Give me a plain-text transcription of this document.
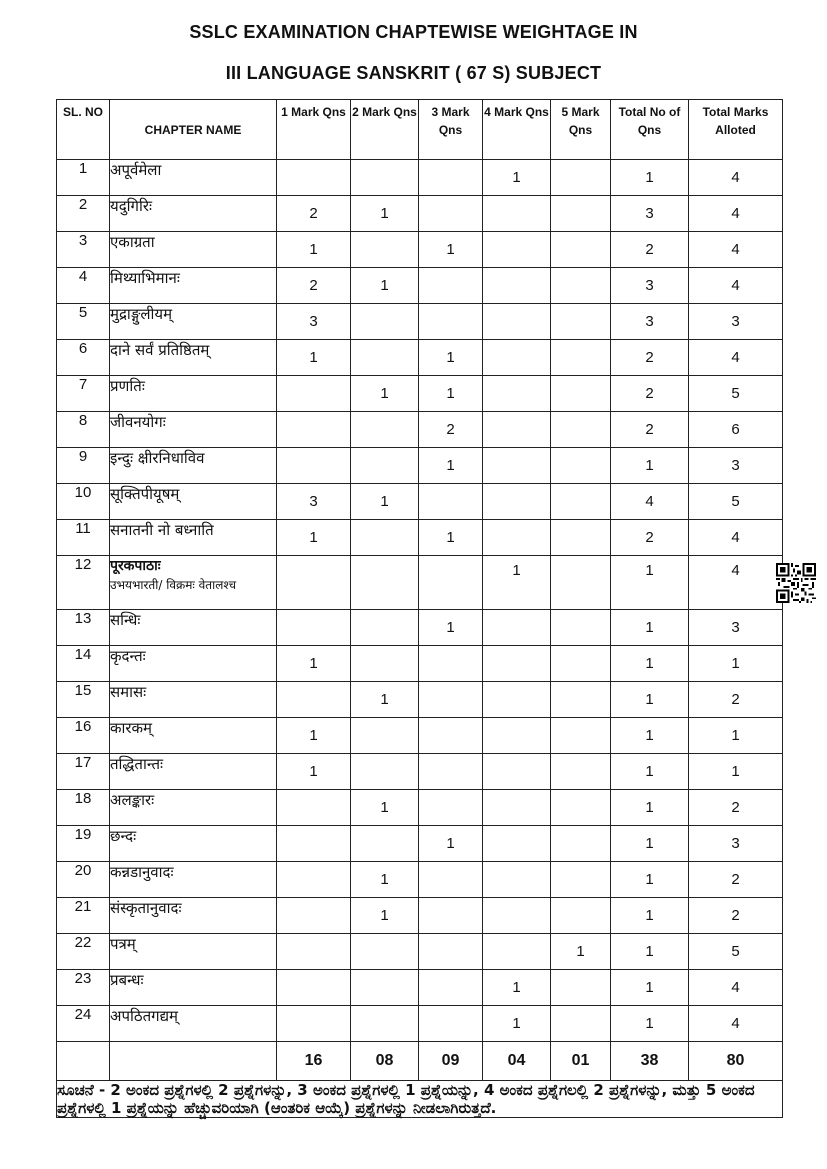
SSLC EXAMINATION CHAPTEWISE WEIGHTAGE IN
III LANGUAGE SANSKRIT ( 67 S) SUBJECT
SL. NO	CHAPTER NAME	1 Mark Qns	2 Mark Qns	3 Mark Qns	4 Mark Qns	5 Mark Qns	Total No of Qns	Total Marks Alloted
1	अपूर्वमेला				1		1	4
2	यदुगिरिः	2	1				3	4
3	एकाग्रता	1		1			2	4
4	मिथ्याभिमानः	2	1				3	4
5	मुद्राङ्गुलीयम्	3					3	3
6	दाने सर्वं प्रतिष्ठितम्	1		1			2	4
7	प्रणतिः		1	1			2	5
8	जीवनयोगः			2			2	6
9	इन्दुः क्षीरनिधाविव			1			1	3
10	सूक्तिपीयूषम्	3	1				4	5
11	सनातनी नो बध्नाति	1		1			2	4
12	पूरकपाठाः
उभयभारती/ विक्रमः वेतालश्च				1		1	4
13	सन्धिः			1			1	3
14	कृदन्तः	1					1	1
15	समासः		1				1	2
16	कारकम्	1					1	1
17	तद्धितान्तः	1					1	1
18	अलङ्कारः		1				1	2
19	छन्दः			1			1	3
20	कन्नडानुवादः		1				1	2
21	संस्कृतानुवादः		1				1	2
22	पत्रम्					1	1	5
23	प्रबन्धः				1		1	4
24	अपठितगद्यम्				1		1	4
		16	08	09	04	01	38	80
ಸೂಚನೆ - 2 ಅಂಕದ ಪ್ರಶ್ನೆಗಳಲ್ಲಿ 2 ಪ್ರಶ್ನೆಗಳನ್ನು, 3 ಅಂಕದ ಪ್ರಶ್ನೆಗಳಲ್ಲಿ 1 ಪ್ರಶ್ನೆಯನ್ನು, 4 ಅಂಕದ ಪ್ರಶ್ನೆಗಲಲ್ಲಿ 2 ಪ್ರಶ್ನೆಗಳನ್ನು, ಮತ್ತು 5 ಅಂಕದ ಪ್ರಶ್ನೆಗಳಲ್ಲಿ 1 ಪ್ರಶ್ನೆಯನ್ನು ಹೆಚ್ಚುವರಿಯಾಗಿ (ಆಂತರಿಕ ಆಯ್ಕೆ) ಪ್ರಶ್ನೆಗಳನ್ನು ನೀಡಲಾಗಿರುತ್ತದೆ.								
